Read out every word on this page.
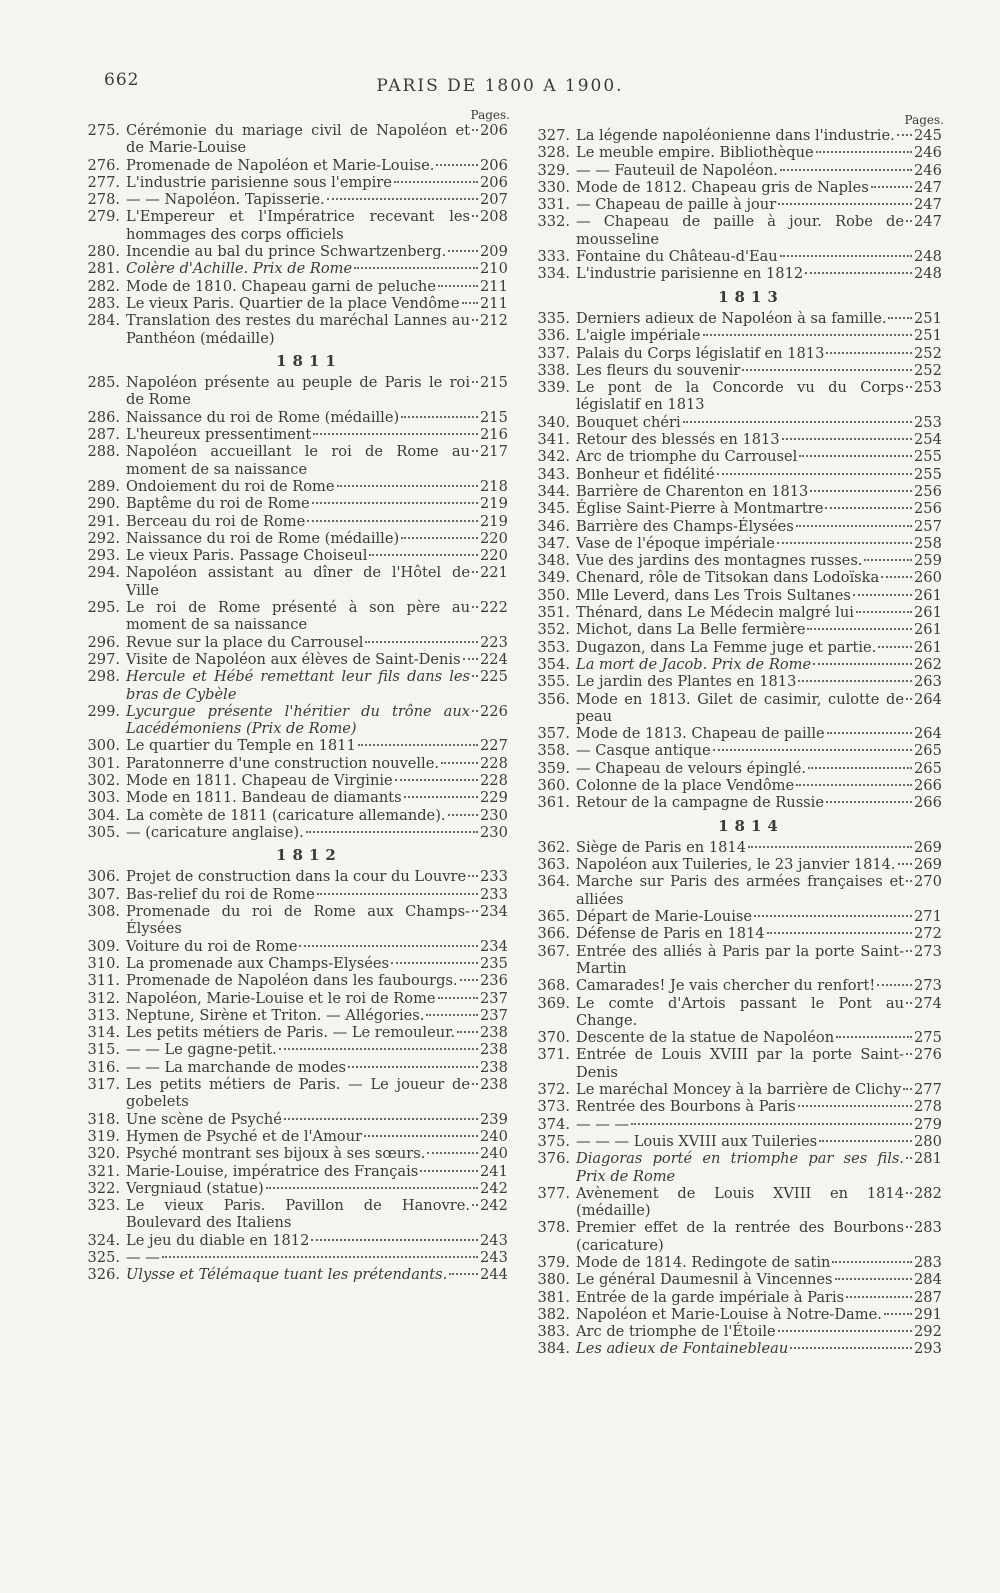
662	PARIS DE 1800 A 1900.
Pages.
275. Cérémonie du mariage civil de Napoléon et de Marie-Louise
206
276. Promenade de Napoléon et Marie-Louise.	206
277. L'industrie parisienne sous l'empire	206
278. — — Napoléon. Tapisserie.	207
279. L'Empereur et l'Impératrice recevant les hommages des corps officiels
208
280. Incendie au bal du prince Schwartzenberg. 209
281. Colère d'Achille. Prix de Rome	210
282. Mode de 1810. Chapeau garni de peluche	211
283. Le vieux Paris. Quartier de la place Vendôme 211
284. Translation des restes du maréchal Lannes au Panthéon (médaille)
212
1811
285. Napoléon présente au peuple de Paris le roi de Rome
215
286. Naissance du roi de Rome (médaille)	215
287. L'heureux pressentiment	216
288. Napoléon accueillant le roi de Rome au moment de sa naissance
217
289. Ondoiement du roi de Rome	218
290. Baptême du roi de Rome	219
291. Berceau du roi de Rome	219
292. Naissance du roi de Rome (médaille)	220
293. Le vieux Paris. Passage Choiseul	220
294. Napoléon assistant au dîner de l'Hôtel de Ville
221
295. Le roi de Rome présenté à son père au moment de sa naissance
222
296. Revue sur la place du Carrousel	223
297. Visite de Napoléon aux élèves de Saint-Denis 224
298. Hercule et Hébé remettant leur fils dans les bras de Cybèle
225
299. Lycurgue présente l'héritier du trône aux Lacédémoniens (Prix de Rome)
226
300. Le quartier du Temple en 1811	227
301. Paratonnerre d'une construction nouvelle.	228
302. Mode en 1811. Chapeau de Virginie	228
303. Mode en 1811. Bandeau de diamants	229
304. La comète de 1811 (caricature allemande). 230
305. — (caricature anglaise).	230
1812
306. Projet de construction dans la cour du Louvre 233
307. Bas-relief du roi de Rome	233
308. Promenade du roi de Rome aux Champs-Élysées
234
309. Voiture du roi de Rome	234
310. La promenade aux Champs-Elysées	235
311. Promenade de Napoléon dans les faubourgs. 236
312. Napoléon, Marie-Louise et le roi de Rome	237
313. Neptune, Sirène et Triton. — Allégories.	237
314. Les petits métiers de Paris. — Le remouleur. 238
315. — — Le gagne-petit.	238
316. — — La marchande de modes	238
317. Les petits métiers de Paris. — Le joueur de gobelets
238
318. Une scène de Psyché	239
319. Hymen de Psyché et de l'Amour	240
320. Psyché montrant ses bijoux à ses sœurs.	240
321. Marie-Louise, impératrice des Français	241
322. Vergniaud (statue)	242
323. Le vieux Paris. Pavillon de Hanovre. Boulevard des Italiens
242
324. Le jeu du diable en 1812	243
325. — —	243
326. Ulysse et Télémaque tuant les prétendants. 244
Pages.
327. La légende napoléonienne dans l'industrie. 245
328. Le meuble empire. Bibliothèque	246
329. — — Fauteuil de Napoléon.	246
330. Mode de 1812. Chapeau gris de Naples	247
331. — Chapeau de paille à jour	247
332. — Chapeau de paille à jour. Robe de mousseline
247
333. Fontaine du Château-d'Eau	248
334. L'industrie parisienne en 1812	248
1813
335. Derniers adieux de Napoléon à sa famille. 251
336. L'aigle impériale	251
337. Palais du Corps législatif en 1813	252
338. Les fleurs du souvenir	252
339. Le pont de la Concorde vu du Corps législatif en 1813
253
340. Bouquet chéri	253
341. Retour des blessés en 1813	254
342. Arc de triomphe du Carrousel	255
343. Bonheur et fidélité	255
344. Barrière de Charenton en 1813	256
345. Église Saint-Pierre à Montmartre	256
346. Barrière des Champs-Élysées	257
347. Vase de l'époque impériale	258
348. Vue des jardins des montagnes russes.	259
349. Chenard, rôle de Titsokan dans Lodoïska 260
350. Mlle Leverd, dans Les Trois Sultanes	261
351. Thénard, dans Le Médecin malgré lui	261
352. Michot, dans La Belle fermière	261
353. Dugazon, dans La Femme juge et partie.	261
354. La mort de Jacob. Prix de Rome	262
355. Le jardin des Plantes en 1813	263
356. Mode en 1813. Gilet de casimir, culotte de peau
264
357. Mode de 1813. Chapeau de paille	264
358. — Casque antique	265
359. — Chapeau de velours épinglé.	265
360. Colonne de la place Vendôme	266
361. Retour de la campagne de Russie	266
1814
362. Siège de Paris en 1814	269
363. Napoléon aux Tuileries, le 23 janvier 1814. 269
364. Marche sur Paris des armées françaises et alliées
270
365. Départ de Marie-Louise	271
366. Défense de Paris en 1814	272
367. Entrée des alliés à Paris par la porte Saint-Martin
273
368. Camarades! Je vais chercher du renfort!	273
369. Le comte d'Artois passant le Pont au Change.
274
370. Descente de la statue de Napoléon	275
371. Entrée de Louis XVIII par la porte Saint-Denis
276
372. Le maréchal Moncey à la barrière de Clichy 277
373. Rentrée des Bourbons à Paris	278
374. — — —	279
375. — — — Louis XVIII aux Tuileries	280
376. Diagoras porté en triomphe par ses fils. Prix de Rome
281
377. Avènement de Louis XVIII en 1814 (médaille)
282
378. Premier effet de la rentrée des Bourbons (caricature)
283
379. Mode de 1814. Redingote de satin	283
380. Le général Daumesnil à Vincennes	284
381. Entrée de la garde impériale à Paris	287
382. Napoléon et Marie-Louise à Notre-Dame. 291
383. Arc de triomphe de l'Étoile	292
384. Les adieux de Fontainebleau	293
